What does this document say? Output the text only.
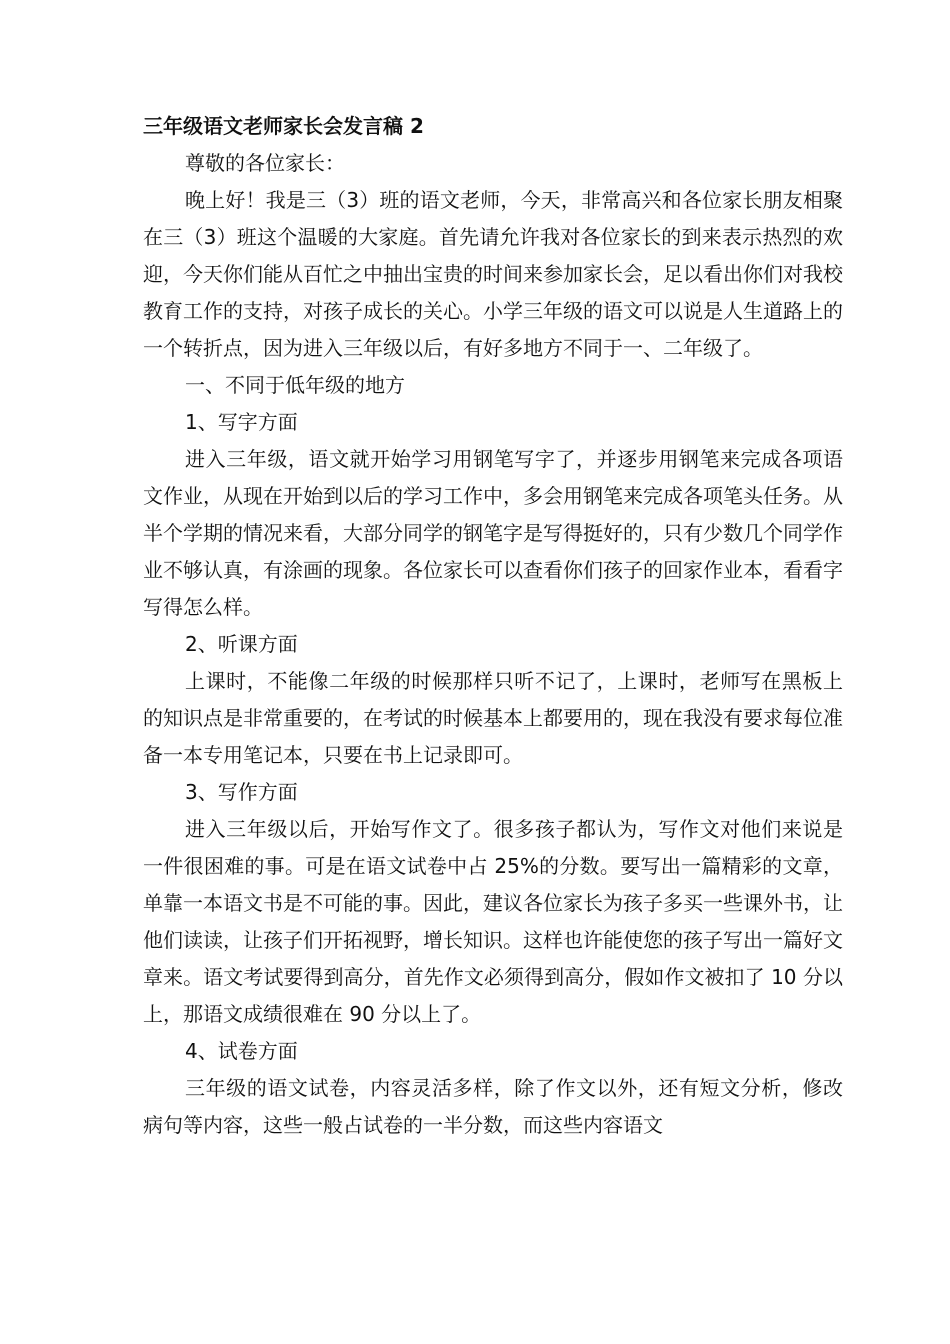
三年级语文老师家长会发言稿 2

尊敬的各位家长：

晚上好！我是三（3）班的语文老师，今天，非常高兴和各位家长朋友相聚在三（3）班这个温暖的大家庭。首先请允许我对各位家长的到来表示热烈的欢迎，今天你们能从百忙之中抽出宝贵的时间来参加家长会，足以看出你们对我校教育工作的支持，对孩子成长的关心。小学三年级的语文可以说是人生道路上的一个转折点，因为进入三年级以后，有好多地方不同于一、二年级了。

一、不同于低年级的地方

1、写字方面

进入三年级，语文就开始学习用钢笔写字了，并逐步用钢笔来完成各项语文作业，从现在开始到以后的学习工作中，多会用钢笔来完成各项笔头任务。从半个学期的情况来看，大部分同学的钢笔字是写得挺好的，只有少数几个同学作业不够认真，有涂画的现象。各位家长可以查看你们孩子的回家作业本，看看字写得怎么样。

2、听课方面

上课时，不能像二年级的时候那样只听不记了，上课时，老师写在黑板上的知识点是非常重要的，在考试的时候基本上都要用的，现在我没有要求每位准备一本专用笔记本，只要在书上记录即可。

3、写作方面

进入三年级以后，开始写作文了。很多孩子都认为，写作文对他们来说是一件很困难的事。可是在语文试卷中占 25%的分数。要写出一篇精彩的文章，单靠一本语文书是不可能的事。因此，建议各位家长为孩子多买一些课外书，让他们读读，让孩子们开拓视野，增长知识。这样也许能使您的孩子写出一篇好文章来。语文考试要得到高分，首先作文必须得到高分，假如作文被扣了 10 分以上，那语文成绩很难在 90 分以上了。

4、试卷方面

三年级的语文试卷，内容灵活多样，除了作文以外，还有短文分析，修改病句等内容，这些一般占试卷的一半分数，而这些内容语文
